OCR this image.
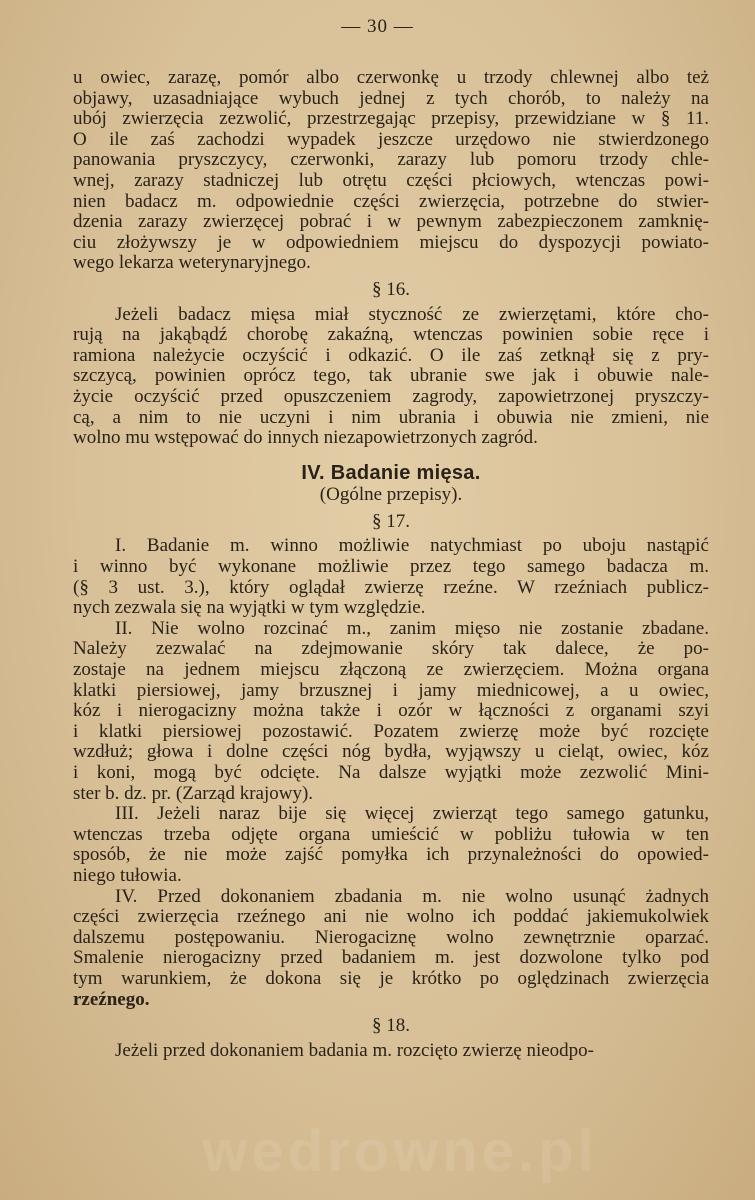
— 30 —
u owiec, zarazę, pomór albo czerwonkę u trzody chlewnej albo też
objawy, uzasadniające wybuch jednej z tych chorób, to należy na
ubój zwierzęcia zezwolić, przestrzegając przepisy, przewidziane w § 11.
O ile zaś zachodzi wypadek jeszcze urzędowo nie stwierdzonego
panowania pryszczycy, czerwonki, zarazy lub pomoru trzody chle-
wnej, zarazy stadniczej lub otrętu części płciowych, wtenczas powi-
nien badacz m. odpowiednie części zwierzęcia, potrzebne do stwier-
dzenia zarazy zwierzęcej pobrać i w pewnym zabezpieczonem zamknię-
ciu złożywszy je w odpowiedniem miejscu do dyspozycji powiato-
wego lekarza weterynaryjnego.
§ 16.
Jeżeli badacz mięsa miał styczność ze zwierzętami, które cho-
rują na jakąbądź chorobę zakaźną, wtenczas powinien sobie ręce i
ramiona należycie oczyścić i odkazić. O ile zaś zetknął się z pry-
szczycą, powinien oprócz tego, tak ubranie swe jak i obuwie nale-
życie oczyścić przed opuszczeniem zagrody, zapowietrzonej pryszczy-
cą, a nim to nie uczyni i nim ubrania i obuwia nie zmieni, nie
wolno mu wstępować do innych niezapowietrzonych zagród.
IV. Badanie mięsa.
(Ogólne przepisy).
§ 17.
I. Badanie m. winno możliwie natychmiast po uboju nastąpić
i winno być wykonane możliwie przez tego samego badacza m.
(§ 3 ust. 3.), który oglądał zwierzę rzeźne. W rzeźniach publicz-
nych zezwala się na wyjątki w tym względzie.
II. Nie wolno rozcinać m., zanim mięso nie zostanie zbadane.
Należy zezwalać na zdejmowanie skóry tak dalece, że po-
zostaje na jednem miejscu złączoną ze zwierzęciem. Można organa
klatki piersiowej, jamy brzusznej i jamy miednicowej, a u owiec,
kóz i nierogacizny można także i ozór w łączności z organami szyi
i klatki piersiowej pozostawić. Pozatem zwierzę może być rozcięte
wzdłuż; głowa i dolne części nóg bydła, wyjąwszy u cieląt, owiec, kóz
i koni, mogą być odcięte. Na dalsze wyjątki może zezwolić Mini-
ster b. dz. pr. (Zarząd krajowy).
III. Jeżeli naraz bije się więcej zwierząt tego samego gatunku,
wtenczas trzeba odjęte organa umieścić w pobliżu tułowia w ten
sposób, że nie może zajść pomyłka ich przynależności do opowied-
niego tułowia.
IV. Przed dokonaniem zbadania m. nie wolno usunąć żadnych
części zwierzęcia rzeźnego ani nie wolno ich poddać jakiemukolwiek
dalszemu postępowaniu. Nierogaciznę wolno zewnętrznie oparzać.
Smalenie nierogacizny przed badaniem m. jest dozwolone tylko pod
tym warunkiem, że dokona się je krótko po oględzinach zwierzęcia
rzeźnego.
§ 18.
Jeżeli przed dokonaniem badania m. rozcięto zwierzę nieodpo-
wedrowne.pl
